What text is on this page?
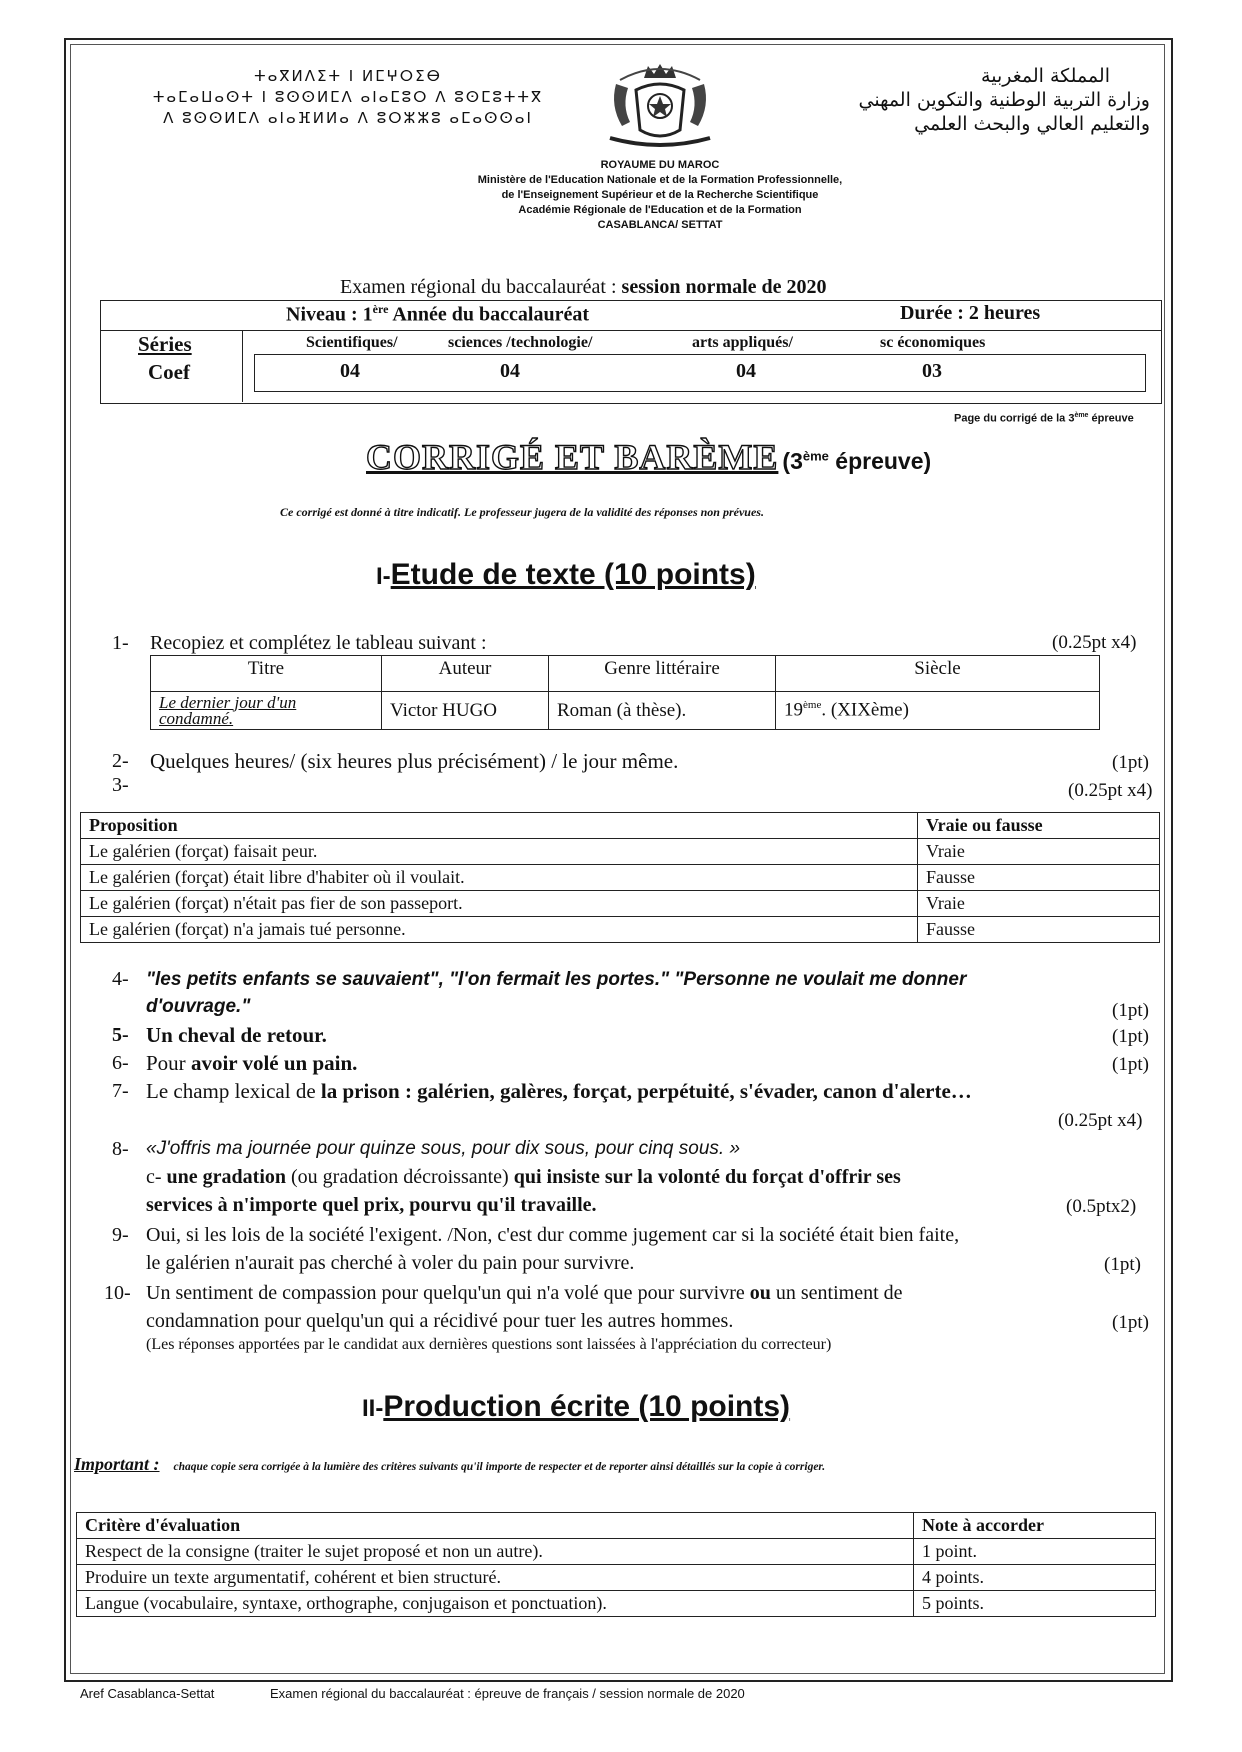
ⵜⴰⴳⵍⴷⵉⵜ ⵏ ⵍⵎⵖⵔⵉⴱ
ⵜⴰⵎⴰⵡⴰⵙⵜ ⵏ ⵓⵙⵙⵍⵎⴷ ⴰⵏⴰⵎⵓⵔ ⴷ ⵓⵙⵎⵓⵜⵜⴳ
ⴷ ⵓⵙⵙⵍⵎⴷ ⴰⵏⴰⴼⵍⵍⴰ ⴷ ⵓⵔⵣⵣⵓ ⴰⵎⴰⵙⵙⴰⵏ
المملكة المغربية
وزارة التربية الوطنية والتكوين المهني
والتعليم العالي والبحث العلمي
ROYAUME DU MAROC
Ministère de l'Education Nationale et de la Formation Professionnelle,
de l'Enseignement Supérieur et de la Recherche Scientifique
Académie Régionale de l'Education et de la Formation
CASABLANCA/ SETTAT
Examen régional du baccalauréat : session normale de 2020
Niveau : 1ère Année du baccalauréat	Durée : 2 heures
Séries
Coef
Scientifiques/	sciences /technologie/	arts appliqués/	sc économiques
04	04	04	03
Page du corrigé de la 3ème épreuve
CORRIGÉ ET BARÈME (3ème épreuve)
Ce corrigé est donné à titre indicatif. Le professeur jugera de la validité des réponses non prévues.
I-Etude de texte (10 points)
1- Recopiez et complétez le tableau suivant :	(0.25pt x4)
Titre	Auteur	Genre littéraire	Siècle
Le dernier jour d'un condamné.	Victor HUGO	Roman (à thèse).	19ème. (XIXème)
2- Quelques heures/ (six heures plus précisément) / le jour même.	(1pt)
3-	(0.25pt x4)
Proposition	Vraie ou fausse
Le galérien (forçat) faisait peur.	Vraie
Le galérien (forçat) était libre d'habiter où il voulait.	Fausse
Le galérien (forçat) n'était pas fier de son passeport.	Vraie
Le galérien (forçat) n'a jamais tué personne.	Fausse
4- "les petits enfants se sauvaient", "l'on fermait les portes." "Personne ne voulait me donner
d'ouvrage."	(1pt)
5- Un cheval de retour.	(1pt)
6- Pour avoir volé un pain.	(1pt)
7- Le champ lexical de la prison : galérien, galères, forçat, perpétuité, s'évader, canon d'alerte…
(0.25pt x4)
8- «J'offris ma journée pour quinze sous, pour dix sous, pour cinq sous. »
c- une gradation (ou gradation décroissante) qui insiste sur la volonté du forçat d'offrir ses
services à n'importe quel prix, pourvu qu'il travaille.	(0.5ptx2)
9- Oui, si les lois de la société l'exigent. /Non, c'est dur comme jugement car si la société était bien faite,
le galérien n'aurait pas cherché à voler du pain pour survivre.	(1pt)
10- Un sentiment de compassion pour quelqu'un qui n'a volé que pour survivre ou un sentiment de
condamnation pour quelqu'un qui a récidivé pour tuer les autres hommes.	(1pt)
(Les réponses apportées par le candidat aux dernières questions sont laissées à l'appréciation du correcteur)
II-Production écrite (10 points)
Important : chaque copie sera corrigée à la lumière des critères suivants qu'il importe de respecter et de reporter ainsi détaillés sur la copie à corriger.
Critère d'évaluation	Note à accorder
Respect de la consigne (traiter le sujet proposé et non un autre).	1 point.
Produire un texte argumentatif, cohérent et bien structuré.	4 points.
Langue (vocabulaire, syntaxe, orthographe, conjugaison et ponctuation).	5 points.
Aref Casablanca-Settat	Examen régional du baccalauréat : épreuve de français / session normale de 2020
